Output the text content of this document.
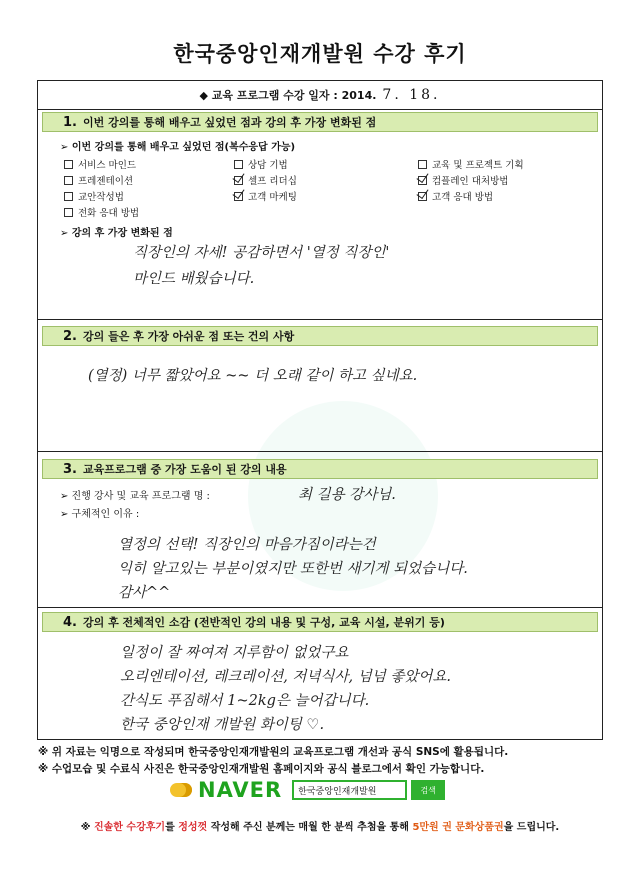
한국중앙인재개발원 수강 후기
◆ 교육 프로그램 수강 일자 : 2014. 7. 18.
1. 이번 강의를 통해 배우고 싶었던 점과 강의 후 가장 변화된 점
➢ 이번 강의를 통해 배우고 싶었던 점(복수응답 가능)
서비스 마인드	상담 기법	교육 및 프로젝트 기획
프레젠테이션	셀프 리더십	컴플레인 대처방법
교안작성법	고객 마케팅	고객 응대 방법
전화 응대 방법
➢ 강의 후 가장 변화된 점
직장인의 자세! 공감하면서 '열정 직장인'
마인드 배웠습니다.
2. 강의 들은 후 가장 아쉬운 점 또는 건의 사항
(열정) 너무 짧았어요 ~~ 더 오래 같이 하고 싶네요.
3. 교육프로그램 중 가장 도움이 된 강의 내용
➢ 진행 강사 및 교육 프로그램 명 :	최 길용 강사님.
➢ 구체적인 이유 :
열정의 선택! 직장인의 마음가짐이라는건
익히 알고있는 부분이였지만 또한번 새기게 되었습니다.
감사^^
4. 강의 후 전체적인 소감 (전반적인 강의 내용 및 구성, 교육 시설, 분위기 등)
일정이 잘 짜여져 지루함이 없었구요
오리엔테이션, 레크레이션, 저녁식사, 넘넘 좋았어요.
간식도 푸짐해서 1~2kg은 늘어갑니다.
한국 중앙인재 개발원 화이팅 ♡.
※ 위 자료는 익명으로 작성되며 한국중앙인재개발원의 교육프로그램 개선과 공식 SNS에 활용됩니다.
※ 수업모습 및 수료식 사진은 한국중앙인재개발원 홈페이지와 공식 블로그에서 확인 가능합니다.
NAVER	한국중앙인재개발원	검색
※ 진솔한 수강후기를 정성껏 작성해 주신 분께는 매월 한 분씩 추첨을 통해 5만원 권 문화상품권을 드립니다.
